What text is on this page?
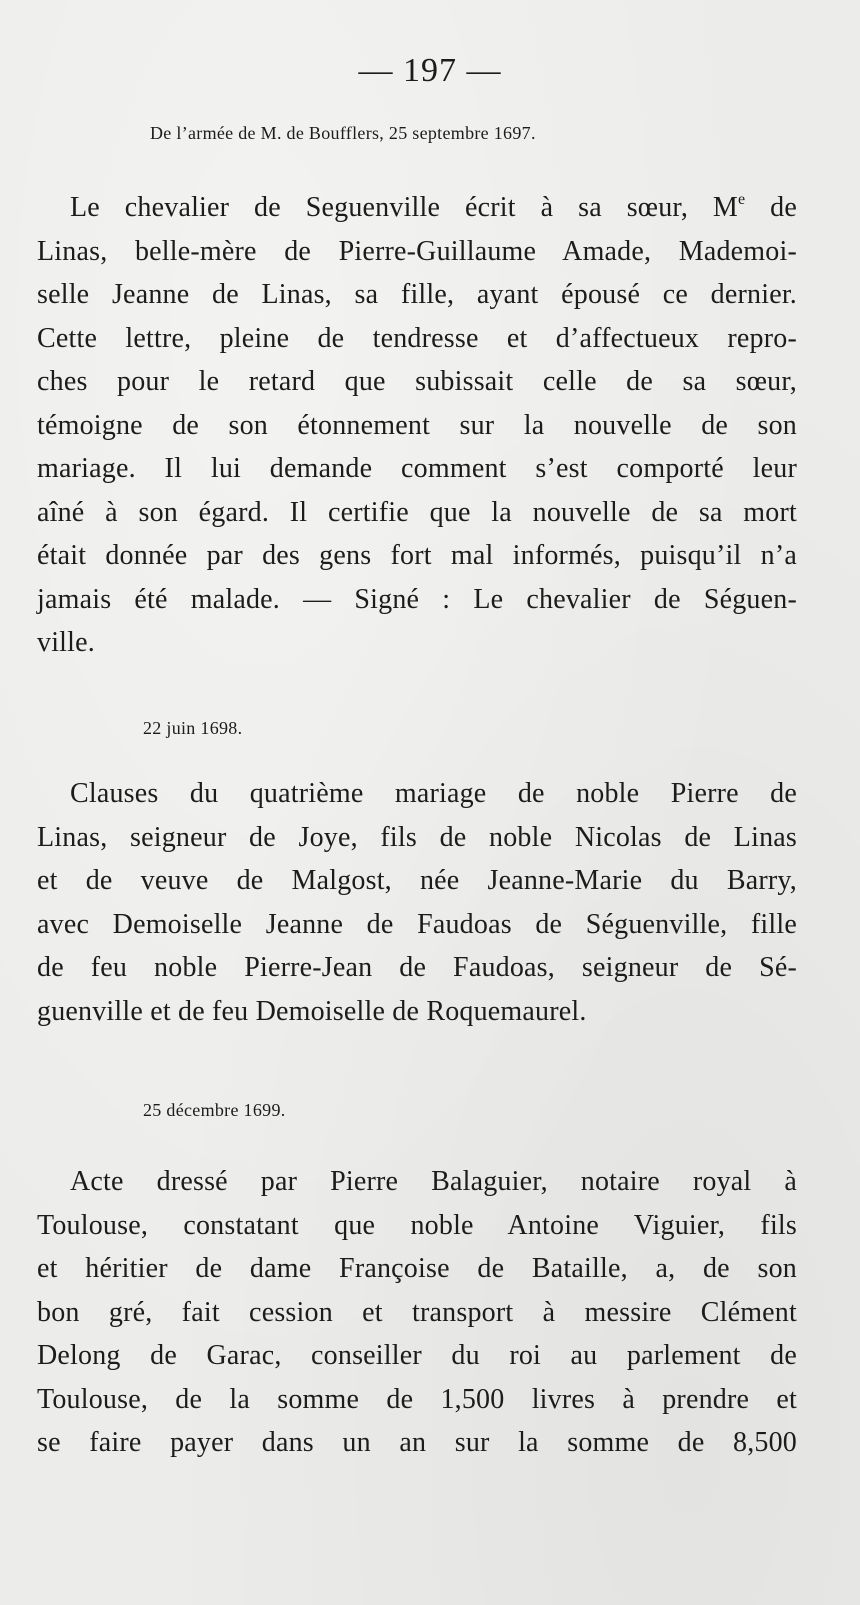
— 197 —
De l’armée de M. de Boufflers, 25 septembre 1697.
Le chevalier de Seguenville écrit à sa sœur, Me de
Linas, belle-mère de Pierre-Guillaume Amade, Mademoi-
selle Jeanne de Linas, sa fille, ayant épousé ce dernier.
Cette lettre, pleine de tendresse et d’affectueux repro-
ches pour le retard que subissait celle de sa sœur,
témoigne de son étonnement sur la nouvelle de son
mariage. Il lui demande comment s’est comporté leur
aîné à son égard. Il certifie que la nouvelle de sa mort
était donnée par des gens fort mal informés, puisqu’il n’a
jamais été malade. — Signé : Le chevalier de Séguen-
ville.
22 juin 1698.
Clauses du quatrième mariage de noble Pierre de
Linas, seigneur de Joye, fils de noble Nicolas de Linas
et de veuve de Malgost, née Jeanne-Marie du Barry,
avec Demoiselle Jeanne de Faudoas de Séguenville, fille
de feu noble Pierre-Jean de Faudoas, seigneur de Sé-
guenville et de feu Demoiselle de Roquemaurel.
25 décembre 1699.
Acte dressé par Pierre Balaguier, notaire royal à
Toulouse, constatant que noble Antoine Viguier, fils
et héritier de dame Françoise de Bataille, a, de son
bon gré, fait cession et transport à messire Clément
Delong de Garac, conseiller du roi au parlement de
Toulouse, de la somme de 1,500 livres à prendre et
se faire payer dans un an sur la somme de 8,500
